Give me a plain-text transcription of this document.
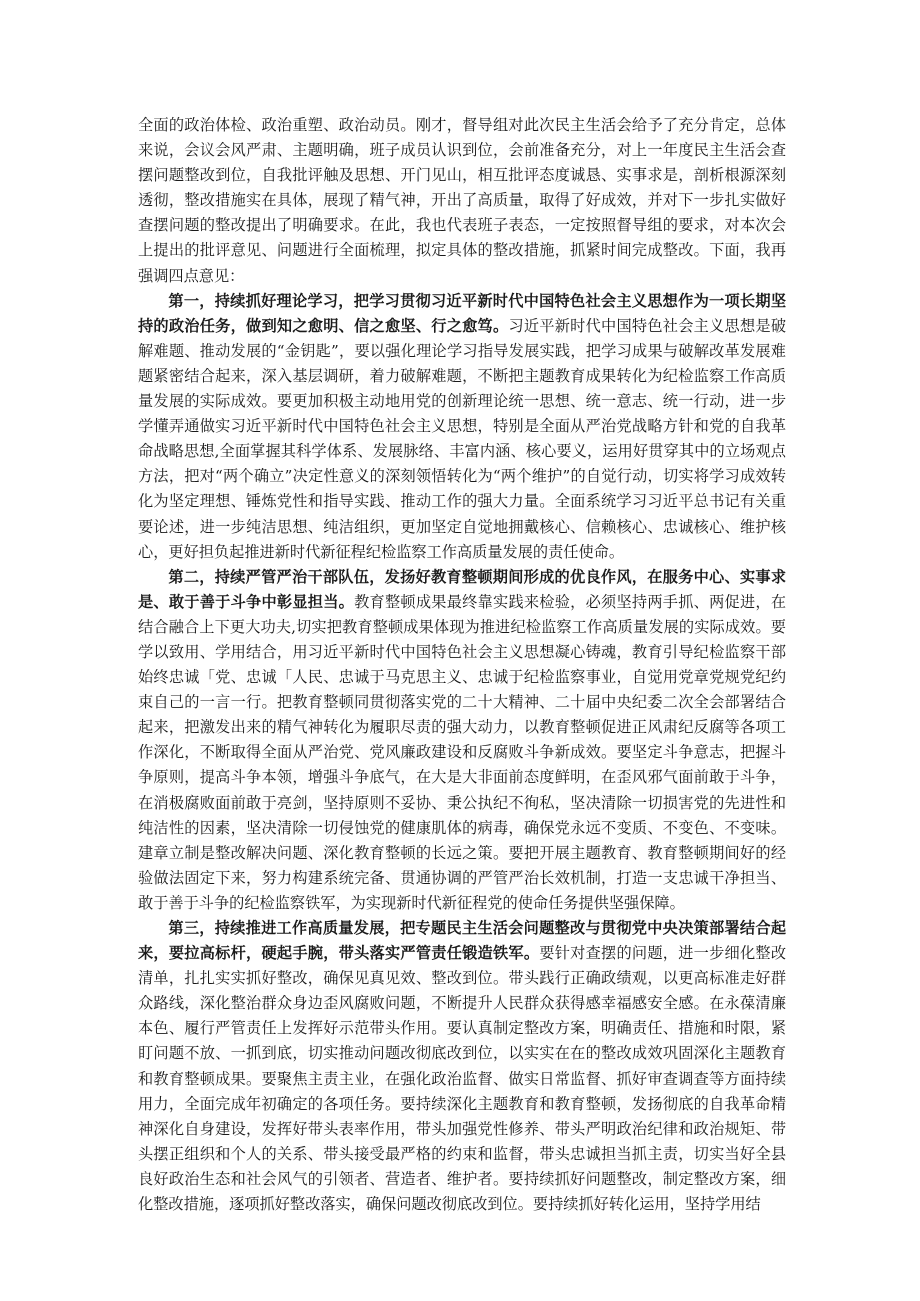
全面的政治体检、政治重塑、政治动员。刚才，督导组对此次民主生活会给予了充分肯定，总体来说，会议会风严肃、主题明确，班子成员认识到位，会前准备充分，对上一年度民主生活会查摆问题整改到位，自我批评触及思想、开门见山，相互批评态度诚恳、实事求是，剖析根源深刻透彻，整改措施实在具体，展现了精气神，开出了高质量，取得了好成效，并对下一步扎实做好查摆问题的整改提出了明确要求。在此，我也代表班子表态，一定按照督导组的要求，对本次会上提出的批评意见、问题进行全面梳理，拟定具体的整改措施，抓紧时间完成整改。下面，我再强调四点意见：

第一，持续抓好理论学习，把学习贯彻习近平新时代中国特色社会主义思想作为一项长期坚持的政治任务，做到知之愈明、信之愈坚、行之愈笃。习近平新时代中国特色社会主义思想是破解难题、推动发展的“金钥匙”，要以强化理论学习指导发展实践，把学习成果与破解改革发展难题紧密结合起来，深入基层调研，着力破解难题，不断把主题教育成果转化为纪检监察工作高质量发展的实际成效。要更加积极主动地用党的创新理论统一思想、统一意志、统一行动，进一步学懂弄通做实习近平新时代中国特色社会主义思想，特别是全面从严治党战略方针和党的自我革命战略思想,全面掌握其科学体系、发展脉络、丰富内涵、核心要义，运用好贯穿其中的立场观点方法，把对“两个确立”决定性意义的深刻领悟转化为“两个维护”的自觉行动，切实将学习成效转化为坚定理想、锤炼党性和指导实践、推动工作的强大力量。全面系统学习习近平总书记有关重要论述，进一步纯洁思想、纯洁组织，更加坚定自觉地拥戴核心、信赖核心、忠诚核心、维护核心，更好担负起推进新时代新征程纪检监察工作高质量发展的责任使命。

第二，持续严管严治干部队伍，发扬好教育整顿期间形成的优良作风，在服务中心、实事求是、敢于善于斗争中彰显担当。教育整顿成果最终靠实践来检验，必须坚持两手抓、两促进，在结合融合上下更大功夫,切实把教育整顿成果体现为推进纪检监察工作高质量发展的实际成效。要学以致用、学用结合，用习近平新时代中国特色社会主义思想凝心铸魂，教育引导纪检监察干部始终忠诚「党、忠诚「人民、忠诚于马克思主义、忠诚于纪检监察事业，自觉用党章党规党纪约束自己的一言一行。把教育整顿同贯彻落实党的二十大精神、二十届中央纪委二次全会部署结合起来，把激发出来的精气神转化为履职尽责的强大动力，以教育整顿促进正风肃纪反腐等各项工作深化，不断取得全面从严治党、党风廉政建设和反腐败斗争新成效。要坚定斗争意志，把握斗争原则，提高斗争本领，增强斗争底气，在大是大非面前态度鲜明，在歪风邪气面前敢于斗争，在消极腐败面前敢于亮剑，坚持原则不妥协、秉公执纪不徇私，坚决清除一切损害党的先进性和纯洁性的因素，坚决清除一切侵蚀党的健康肌体的病毒，确保党永远不变质、不变色、不变味。建章立制是整改解决问题、深化教育整顿的长远之策。要把开展主题教育、教育整顿期间好的经验做法固定下来，努力构建系统完备、贯通协调的严管严治长效机制，打造一支忠诚干净担当、敢于善于斗争的纪检监察铁军，为实现新时代新征程党的使命任务提供坚强保障。

第三，持续推进工作高质量发展，把专题民主生活会问题整改与贯彻党中央决策部署结合起来，要拉高标杆，硬起手腕，带头落实严管责任锻造铁军。要针对查摆的问题，进一步细化整改清单，扎扎实实抓好整改，确保见真见效、整改到位。带头践行正确政绩观，以更高标准走好群众路线，深化整治群众身边歪风腐败问题，不断提升人民群众获得感幸福感安全感。在永葆清廉本色、履行严管责任上发挥好示范带头作用。要认真制定整改方案，明确责任、措施和时限，紧盯问题不放、一抓到底，切实推动问题改彻底改到位，以实实在在的整改成效巩固深化主题教育和教育整顿成果。要聚焦主责主业，在强化政治监督、做实日常监督、抓好审查调查等方面持续用力，全面完成年初确定的各项任务。要持续深化主题教育和教育整顿，发扬彻底的自我革命精神深化自身建设，发挥好带头表率作用，带头加强党性修养、带头严明政治纪律和政治规矩、带头摆正组织和个人的关系、带头接受最严格的约束和监督，带头忠诚担当抓主责，切实当好全县良好政治生态和社会风气的引领者、营造者、维护者。要持续抓好问题整改，制定整改方案，细化整改措施，逐项抓好整改落实，确保问题改彻底改到位。要持续抓好转化运用，坚持学用结
